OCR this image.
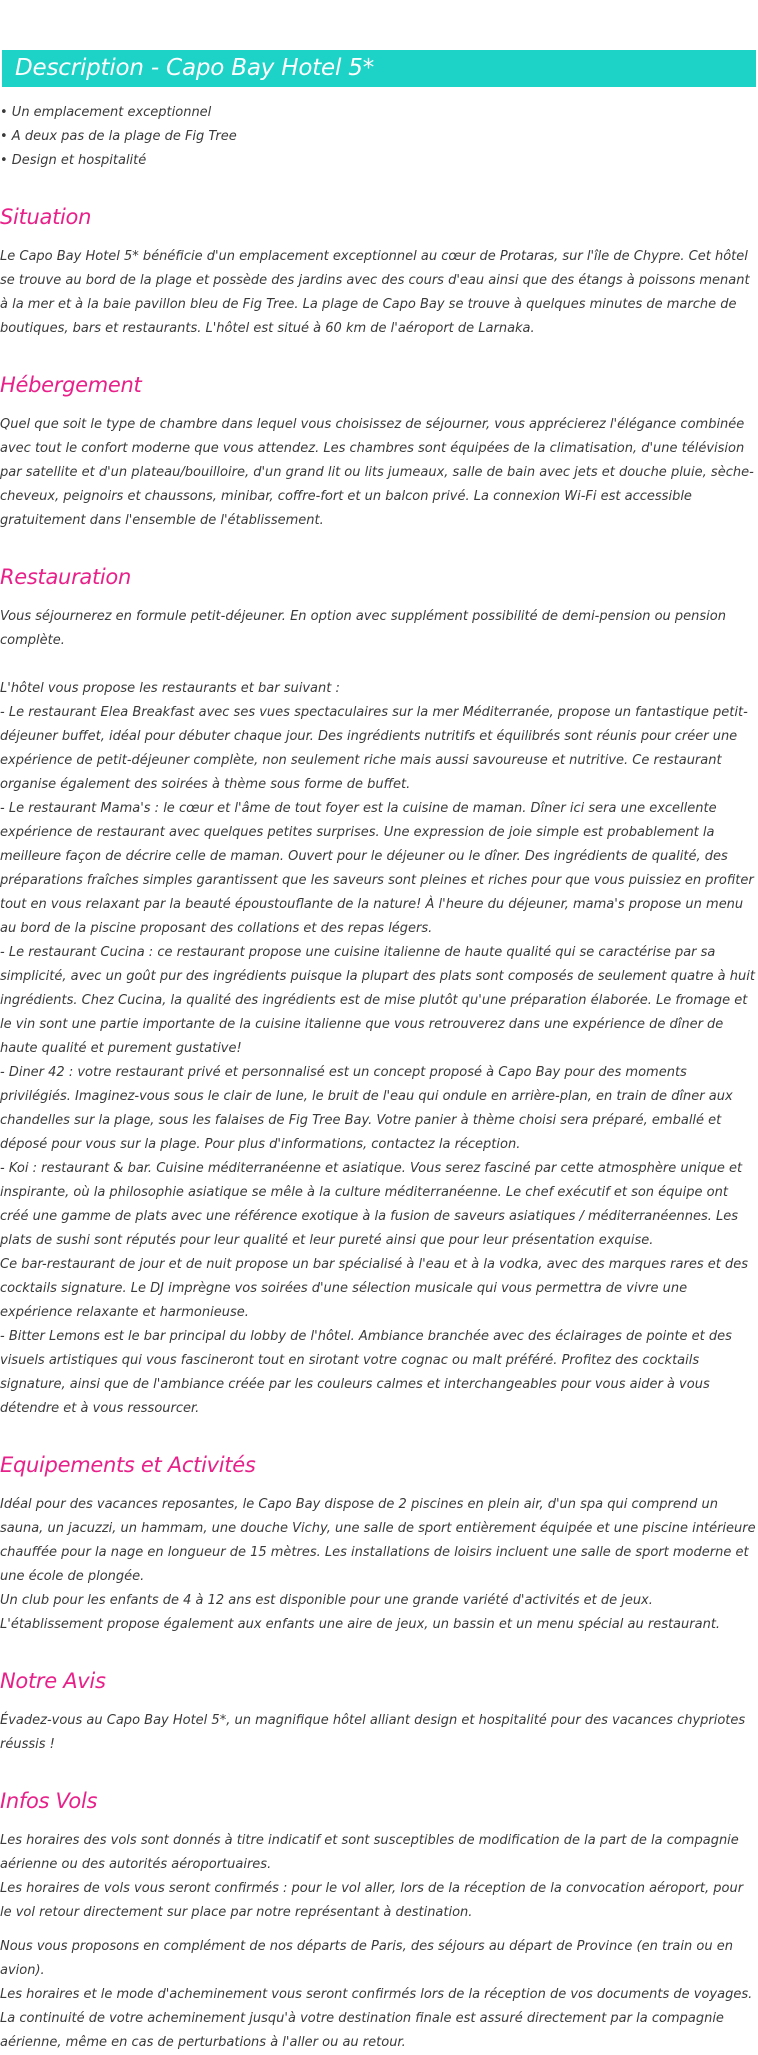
Description - Capo Bay Hotel 5*
• Un emplacement exceptionnel
• A deux pas de la plage de Fig Tree
• Design et hospitalité
Situation

Le Capo Bay Hotel 5* bénéficie d'un emplacement exceptionnel au cœur de Protaras, sur l'île de Chypre. Cet hôtel se trouve au bord de la plage et possède des jardins avec des cours d'eau ainsi que des étangs à poissons menant à la mer et à la baie pavillon bleu de Fig Tree. La plage de Capo Bay se trouve à quelques minutes de marche de boutiques, bars et restaurants. L'hôtel est situé à 60 km de l'aéroport de Larnaka.

Hébergement

Quel que soit le type de chambre dans lequel vous choisissez de séjourner, vous apprécierez l'élégance combinée avec tout le confort moderne que vous attendez. Les chambres sont équipées de la climatisation, d'une télévision par satellite et d'un plateau/bouilloire, d'un grand lit ou lits jumeaux, salle de bain avec jets et douche pluie, sèche-cheveux, peignoirs et chaussons, minibar, coffre-fort et un balcon privé. La connexion Wi-Fi est accessible gratuitement dans l'ensemble de l'établissement.

Restauration

Vous séjournerez en formule petit-déjeuner. En option avec supplément possibilité de demi-pension ou pension complète.

L'hôtel vous propose les restaurants et bar suivant :

- Le restaurant Elea Breakfast avec ses vues spectaculaires sur la mer Méditerranée, propose un fantastique petit-déjeuner buffet, idéal pour débuter chaque jour. Des ingrédients nutritifs et équilibrés sont réunis pour créer une expérience de petit-déjeuner complète, non seulement riche mais aussi savoureuse et nutritive. Ce restaurant organise également des soirées à thème sous forme de buffet.

- Le restaurant Mama's : le cœur et l'âme de tout foyer est la cuisine de maman. Dîner ici sera une excellente expérience de restaurant avec quelques petites surprises. Une expression de joie simple est probablement la meilleure façon de décrire celle de maman. Ouvert pour le déjeuner ou le dîner. Des ingrédients de qualité, des préparations fraîches simples garantissent que les saveurs sont pleines et riches pour que vous puissiez en profiter tout en vous relaxant par la beauté époustouflante de la nature! À l'heure du déjeuner, mama's propose un menu au bord de la piscine proposant des collations et des repas légers.

- Le restaurant Cucina : ce restaurant propose une cuisine italienne de haute qualité qui se caractérise par sa simplicité, avec un goût pur des ingrédients puisque la plupart des plats sont composés de seulement quatre à huit ingrédients. Chez Cucina, la qualité des ingrédients est de mise plutôt qu'une préparation élaborée. Le fromage et le vin sont une partie importante de la cuisine italienne que vous retrouverez dans une expérience de dîner de haute qualité et purement gustative!

- Diner 42 : votre restaurant privé et personnalisé est un concept proposé à Capo Bay pour des moments privilégiés. Imaginez-vous sous le clair de lune, le bruit de l'eau qui ondule en arrière-plan, en train de dîner aux chandelles sur la plage, sous les falaises de Fig Tree Bay. Votre panier à thème choisi sera préparé, emballé et déposé pour vous sur la plage. Pour plus d'informations, contactez la réception.

- Koi : restaurant & bar. Cuisine méditerranéenne et asiatique. Vous serez fasciné par cette atmosphère unique et inspirante, où la philosophie asiatique se mêle à la culture méditerranéenne. Le chef exécutif et son équipe ont créé une gamme de plats avec une référence exotique à la fusion de saveurs asiatiques / méditerranéennes. Les plats de sushi sont réputés pour leur qualité et leur pureté ainsi que pour leur présentation exquise.

Ce bar-restaurant de jour et de nuit propose un bar spécialisé à l'eau et à la vodka, avec des marques rares et des cocktails signature. Le DJ imprègne vos soirées d'une sélection musicale qui vous permettra de vivre une expérience relaxante et harmonieuse.

- Bitter Lemons est le bar principal du lobby de l'hôtel. Ambiance branchée avec des éclairages de pointe et des visuels artistiques qui vous fascineront tout en sirotant votre cognac ou malt préféré. Profitez des cocktails signature, ainsi que de l'ambiance créée par les couleurs calmes et interchangeables pour vous aider à vous détendre et à vous ressourcer.

Equipements et Activités

Idéal pour des vacances reposantes, le Capo Bay dispose de 2 piscines en plein air, d'un spa qui comprend un sauna, un jacuzzi, un hammam, une douche Vichy, une salle de sport entièrement équipée et une piscine intérieure chauffée pour la nage en longueur de 15 mètres. Les installations de loisirs incluent une salle de sport moderne et une école de plongée.

Un club pour les enfants de 4 à 12 ans est disponible pour une grande variété d'activités et de jeux. L'établissement propose également aux enfants une aire de jeux, un bassin et un menu spécial au restaurant.

Notre Avis

Évadez-vous au Capo Bay Hotel 5*, un magnifique hôtel alliant design et hospitalité pour des vacances chypriotes réussis !

Infos Vols

Les horaires des vols sont donnés à titre indicatif et sont susceptibles de modification de la part de la compagnie aérienne ou des autorités aéroportuaires.

Les horaires de vols vous seront confirmés : pour le vol aller, lors de la réception de la convocation aéroport, pour le vol retour directement sur place par notre représentant à destination.

Nous vous proposons en complément de nos départs de Paris, des séjours au départ de Province (en train ou en avion).

Les horaires et le mode d'acheminement vous seront confirmés lors de la réception de vos documents de voyages.

La continuité de votre acheminement jusqu'à votre destination finale est assuré directement par la compagnie aérienne, même en cas de perturbations à l'aller ou au retour.
